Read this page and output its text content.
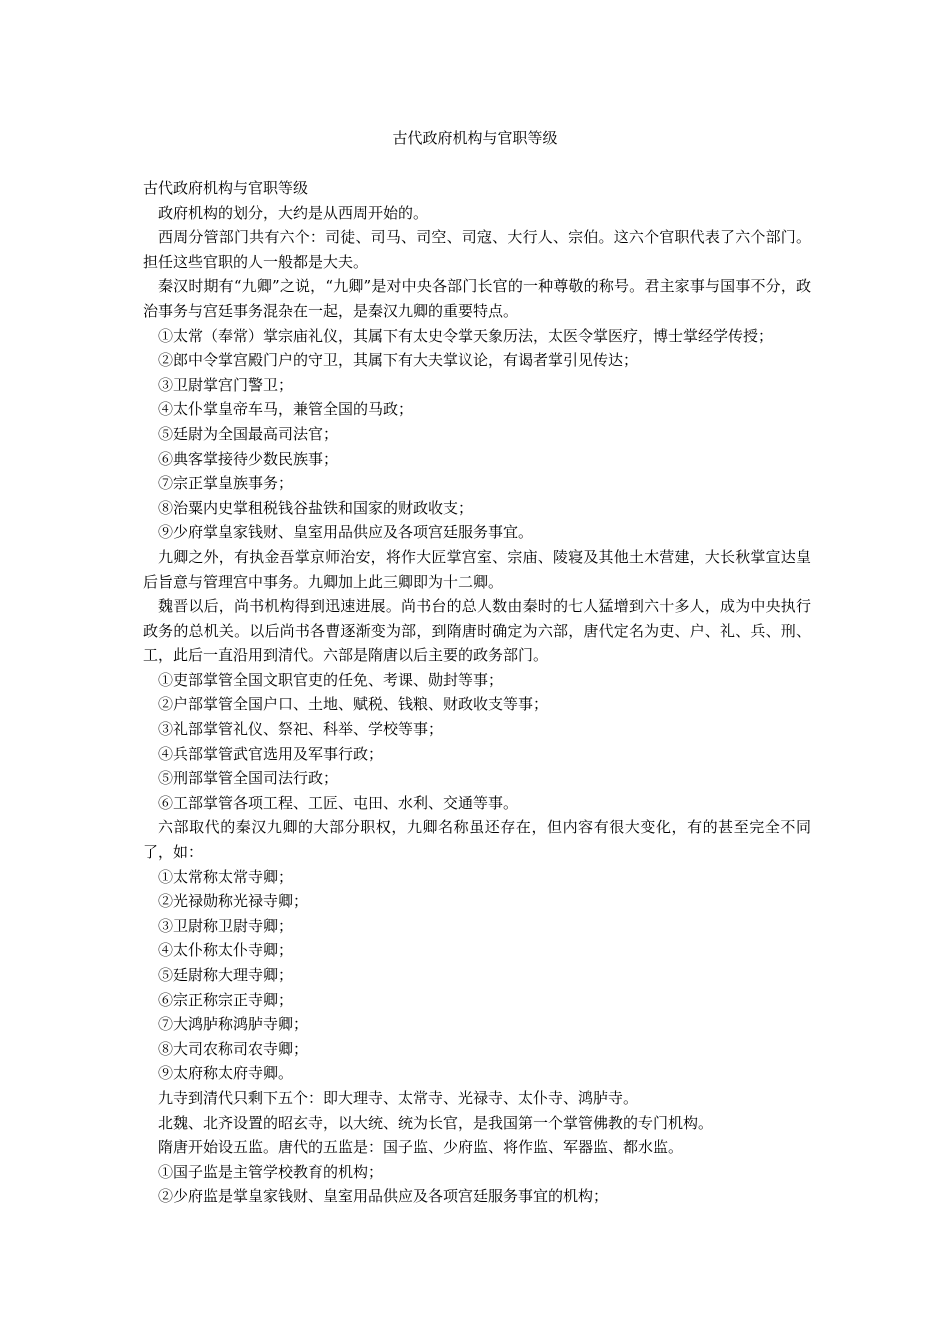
古代政府机构与官职等级

古代政府机构与官职等级

政府机构的划分，大约是从西周开始的。

西周分管部门共有六个：司徒、司马、司空、司寇、大行人、宗伯。这六个官职代表了六个部门。担任这些官职的人一般都是大夫。

秦汉时期有“九卿”之说，“九卿”是对中央各部门长官的一种尊敬的称号。君主家事与国事不分，政治事务与宫廷事务混杂在一起，是秦汉九卿的重要特点。

①太常（奉常）掌宗庙礼仪，其属下有太史令掌天象历法，太医令掌医疗，博士掌经学传授；

②郎中令掌宫殿门户的守卫，其属下有大夫掌议论，有谒者掌引见传达；

③卫尉掌宫门警卫；

④太仆掌皇帝车马，兼管全国的马政；

⑤廷尉为全国最高司法官；

⑥典客掌接待少数民族事；

⑦宗正掌皇族事务；

⑧治粟内史掌租税钱谷盐铁和国家的财政收支；

⑨少府掌皇家钱财、皇室用品供应及各项宫廷服务事宜。

九卿之外，有执金吾掌京师治安，将作大匠掌宫室、宗庙、陵寝及其他土木营建，大长秋掌宣达皇后旨意与管理宫中事务。九卿加上此三卿即为十二卿。

魏晋以后，尚书机构得到迅速进展。尚书台的总人数由秦时的七人猛增到六十多人，成为中央执行政务的总机关。以后尚书各曹逐渐变为部，到隋唐时确定为六部，唐代定名为吏、户、礼、兵、刑、工，此后一直沿用到清代。六部是隋唐以后主要的政务部门。

①吏部掌管全国文职官吏的任免、考课、勋封等事；

②户部掌管全国户口、土地、赋税、钱粮、财政收支等事；

③礼部掌管礼仪、祭祀、科举、学校等事；

④兵部掌管武官选用及军事行政；

⑤刑部掌管全国司法行政；

⑥工部掌管各项工程、工匠、屯田、水利、交通等事。

六部取代的秦汉九卿的大部分职权，九卿名称虽还存在，但内容有很大变化，有的甚至完全不同了，如：

①太常称太常寺卿；

②光禄勋称光禄寺卿；

③卫尉称卫尉寺卿；

④太仆称太仆寺卿；

⑤廷尉称大理寺卿；

⑥宗正称宗正寺卿；

⑦大鸿胪称鸿胪寺卿；

⑧大司农称司农寺卿；

⑨太府称太府寺卿。

九寺到清代只剩下五个：即大理寺、太常寺、光禄寺、太仆寺、鸿胪寺。

北魏、北齐设置的昭玄寺，以大统、统为长官，是我国第一个掌管佛教的专门机构。

隋唐开始设五监。唐代的五监是：国子监、少府监、将作监、军器监、都水监。

①国子监是主管学校教育的机构；

②少府监是掌皇家钱财、皇室用品供应及各项宫廷服务事宜的机构；
